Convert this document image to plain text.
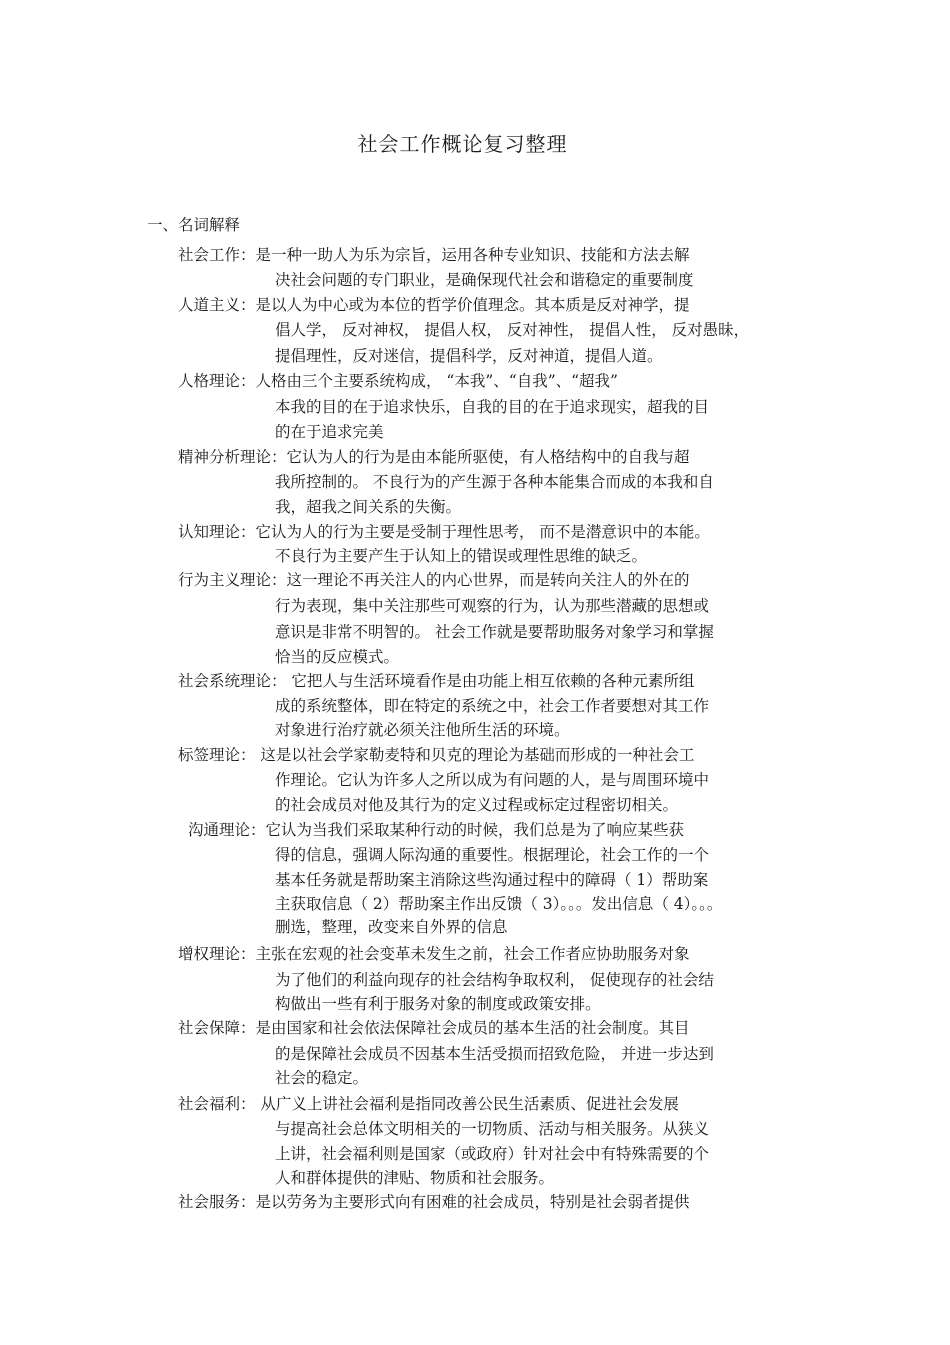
社会工作概论复习整理
一、名词解释
社会工作：是一种一助人为乐为宗旨，运用各种专业知识、技能和方法去解
决社会问题的专门职业，是确保现代社会和谐稳定的重要制度
人道主义：是以人为中心或为本位的哲学价值理念。其本质是反对神学，提
倡人学， 反对神权， 提倡人权， 反对神性， 提倡人性， 反对愚昧，
提倡理性，反对迷信，提倡科学，反对神道，提倡人道。
人格理论：人格由三个主要系统构成， “本我”、“自我”、“超我”
本我的目的在于追求快乐，自我的目的在于追求现实，超我的目
的在于追求完美
精神分析理论：它认为人的行为是由本能所驱使，有人格结构中的自我与超
我所控制的。 不良行为的产生源于各种本能集合而成的本我和自
我，超我之间关系的失衡。
认知理论：它认为人的行为主要是受制于理性思考， 而不是潜意识中的本能。
不良行为主要产生于认知上的错误或理性思维的缺乏。
行为主义理论：这一理论不再关注人的内心世界，而是转向关注人的外在的
行为表现，集中关注那些可观察的行为，认为那些潜藏的思想或
意识是非常不明智的。 社会工作就是要帮助服务对象学习和掌握
恰当的反应模式。
社会系统理论： 它把人与生活环境看作是由功能上相互依赖的各种元素所组
成的系统整体，即在特定的系统之中，社会工作者要想对其工作
对象进行治疗就必须关注他所生活的环境。
标签理论： 这是以社会学家勒麦特和贝克的理论为基础而形成的一种社会工
作理论。它认为许多人之所以成为有问题的人，是与周围环境中
的社会成员对他及其行为的定义过程或标定过程密切相关。
沟通理论：它认为当我们采取某种行动的时候，我们总是为了响应某些获
得的信息，强调人际沟通的重要性。根据理论，社会工作的一个
基本任务就是帮助案主消除这些沟通过程中的障碍（ 1）帮助案
主获取信息（ 2）帮助案主作出反馈（ 3）。。。发出信息（ 4）。。。
删选，整理，改变来自外界的信息
增权理论：主张在宏观的社会变革未发生之前，社会工作者应协助服务对象
为了他们的利益向现存的社会结构争取权利， 促使现存的社会结
构做出一些有利于服务对象的制度或政策安排。
社会保障：是由国家和社会依法保障社会成员的基本生活的社会制度。其目
的是保障社会成员不因基本生活受损而招致危险， 并进一步达到
社会的稳定。
社会福利： 从广义上讲社会福利是指同改善公民生活素质、促进社会发展
与提高社会总体文明相关的一切物质、活动与相关服务。从狭义
上讲，社会福利则是国家（或政府）针对社会中有特殊需要的个
人和群体提供的津贴、物质和社会服务。
社会服务：是以劳务为主要形式向有困难的社会成员，特别是社会弱者提供
